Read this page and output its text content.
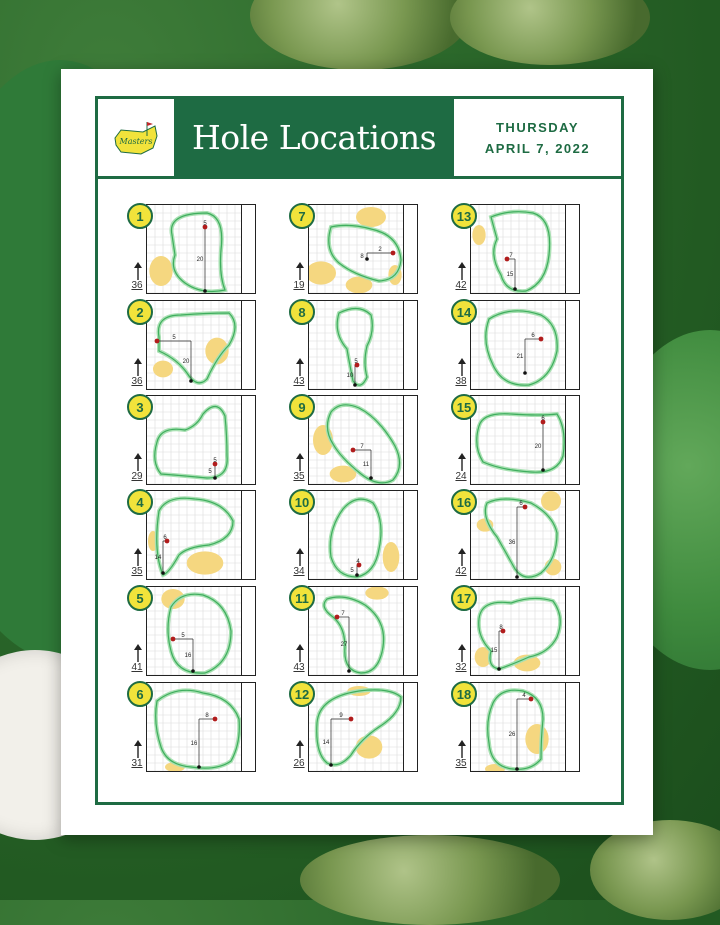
Masters	Hole Locations	THURSDAY
APRIL 7, 2022
1
36
5
20
7
19
2
8
13
42
7
15
2
36
5
20
8
43
5
10
14
38
6
21
3
29
5
5
9
35
7
11
15
24
6
20
4
35
6
14
10
34
4
5
16
42
6
36
5
41
5
16
11
43
7
27
17
32
8
15
6
31
8
16
12
26
9
14
18
35
4
26
